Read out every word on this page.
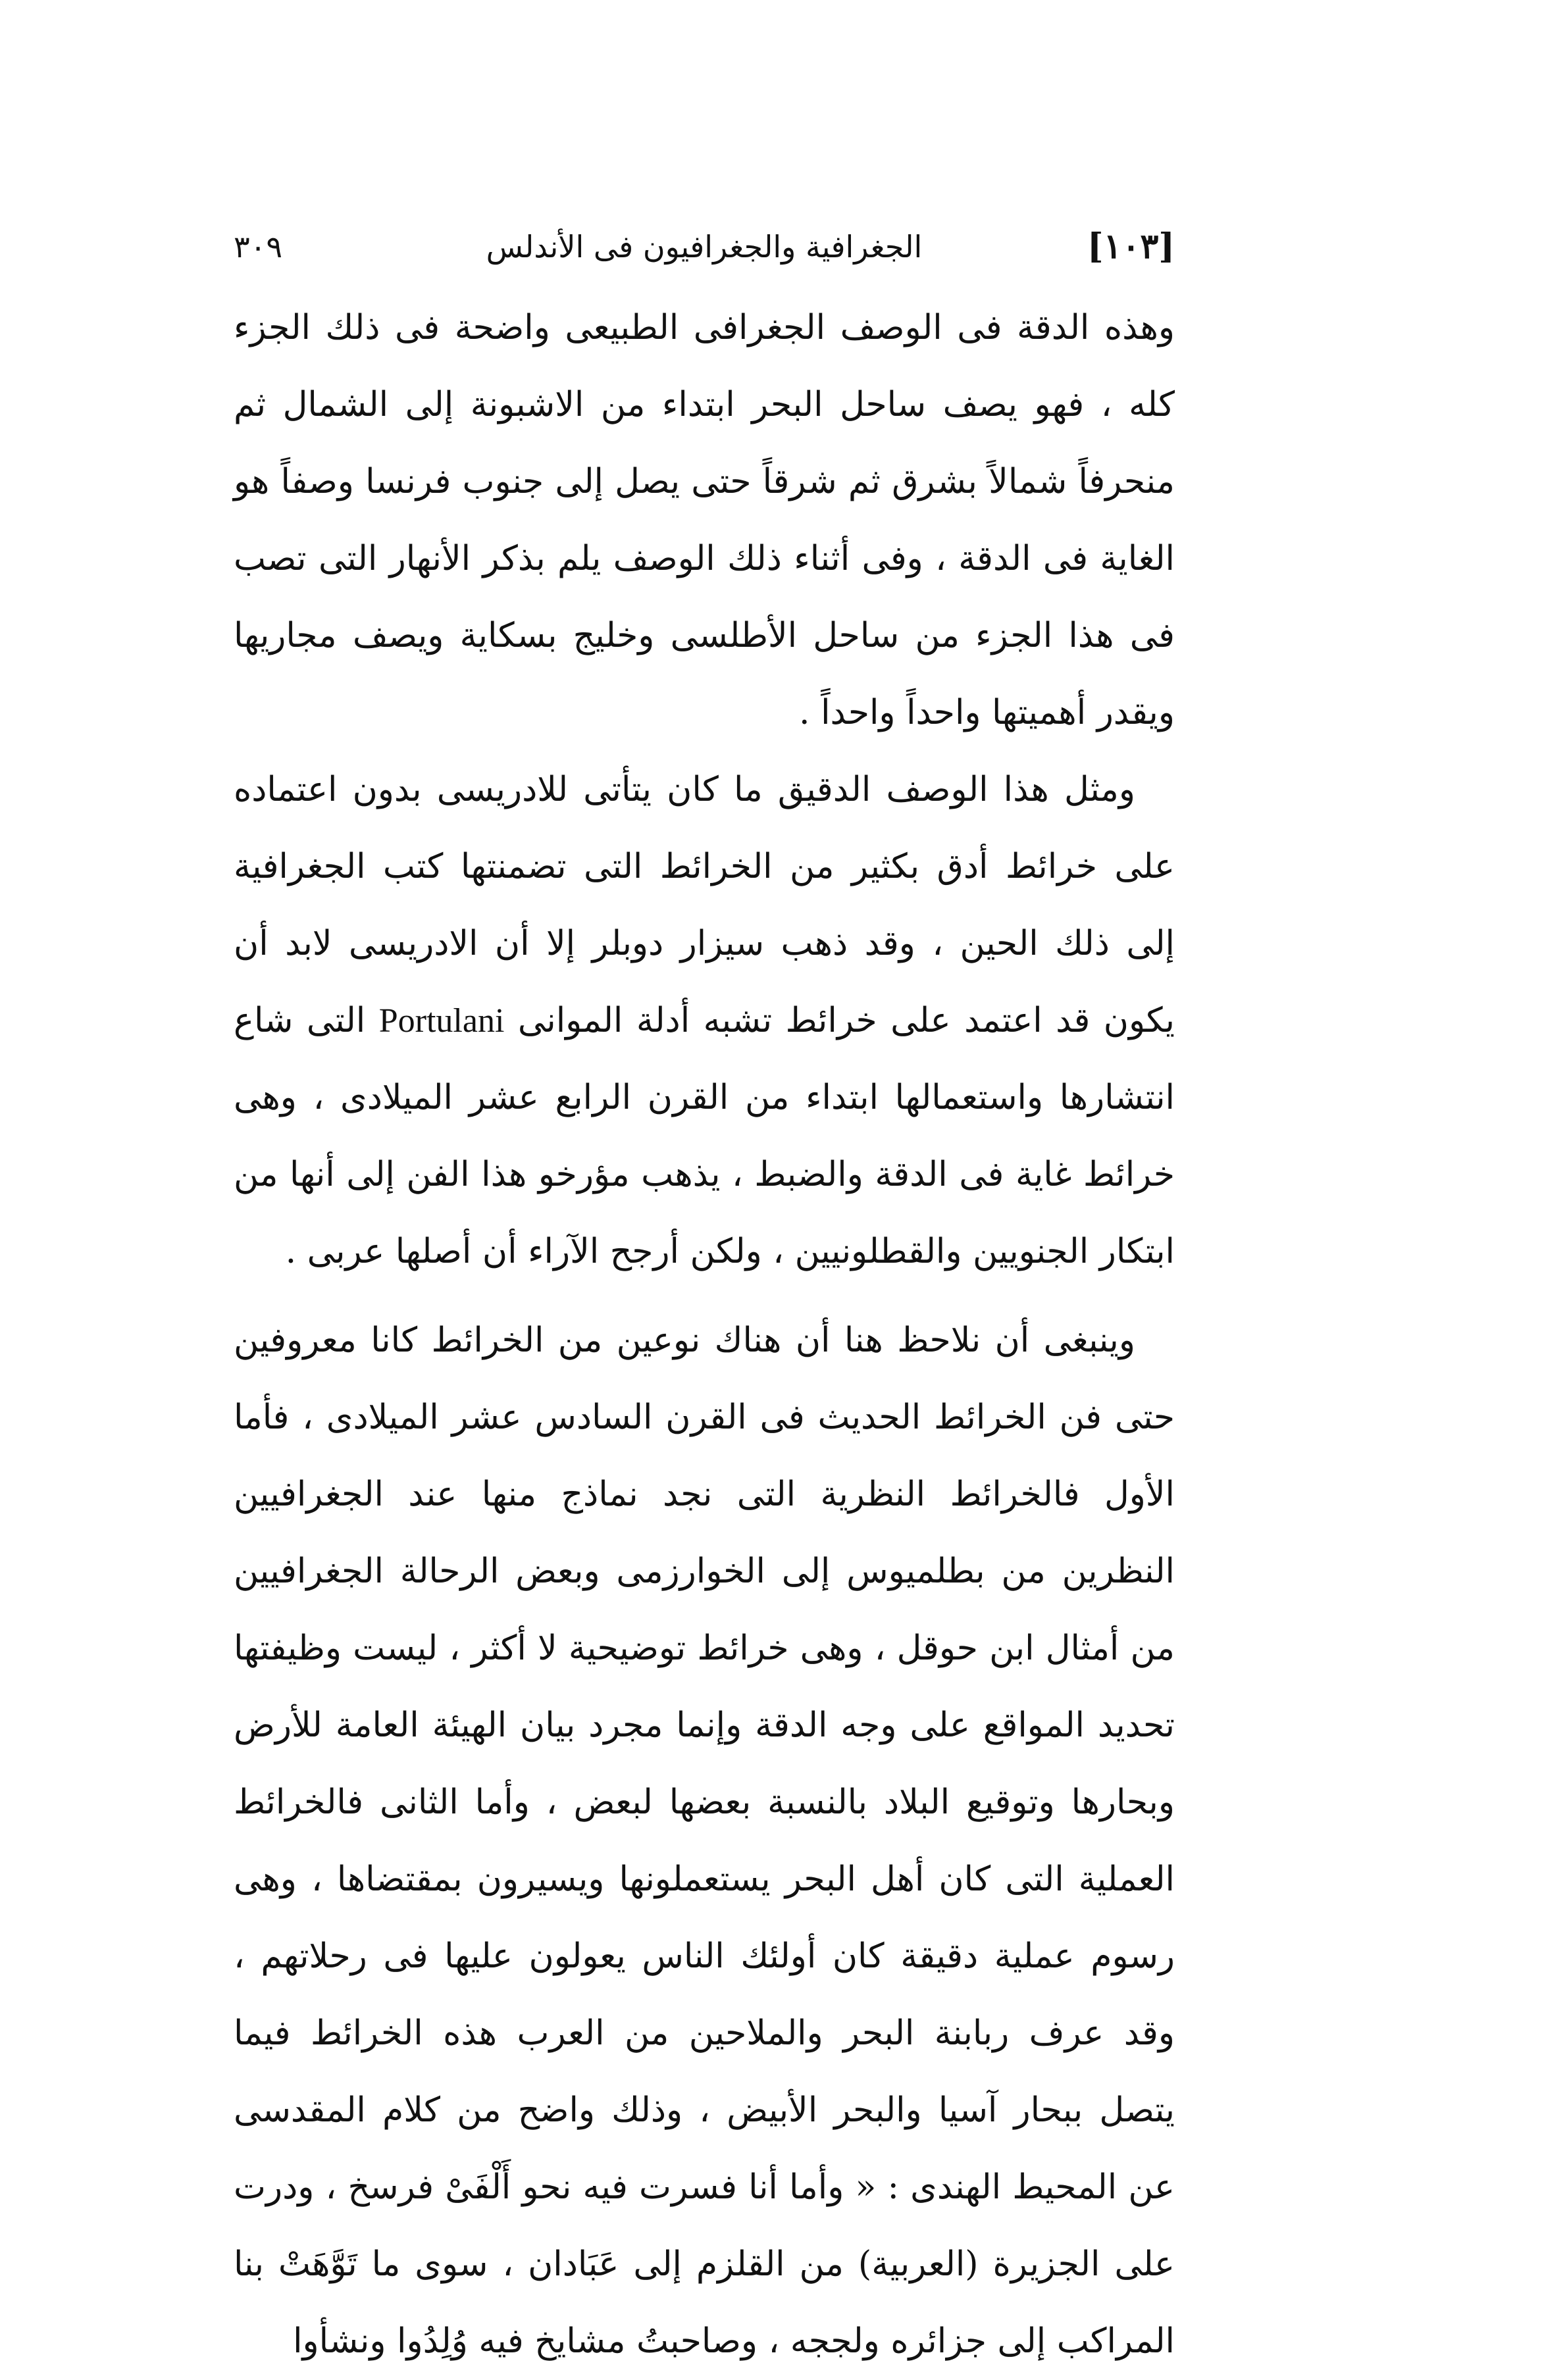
[١٠٣]
الجغرافية والجغرافيون فى الأندلس
٣٠٩

وهذه الدقة فى الوصف الجغرافى الطبيعى واضحة فى ذلك الجزء كله ، فهو يصف ساحل البحر ابتداء من الاشبونة إلى الشمال ثم منحرفاً شمالاً بشرق ثم شرقاً حتى يصل إلى جنوب فرنسا وصفاً هو الغاية فى الدقة ، وفى أثناء ذلك الوصف يلم بذكر الأنهار التى تصب فى هذا الجزء من ساحل الأطلسى وخليج بسكاية ويصف مجاريها ويقدر أهميتها واحداً واحداً .

ومثل هذا الوصف الدقيق ما كان يتأتى للادريسى بدون اعتماده على خرائط أدق بكثير من الخرائط التى تضمنتها كتب الجغرافية إلى ذلك الحين ، وقد ذهب سيزار دوبلر إلا أن الادريسى لابد أن يكون قد اعتمد على خرائط تشبه أدلة الموانى Portulani التى شاع انتشارها واستعمالها ابتداء من القرن الرابع عشر الميلادى ، وهى خرائط غاية فى الدقة والضبط ، يذهب مؤرخو هذا الفن إلى أنها من ابتكار الجنويين والقطلونيين ، ولكن أرجح الآراء أن أصلها عربى .

وينبغى أن نلاحظ هنا أن هناك نوعين من الخرائط كانا معروفين حتى فن الخرائط الحديث فى القرن السادس عشر الميلادى ، فأما الأول فالخرائط النظرية التى نجد نماذج منها عند الجغرافيين النظرين من بطلميوس إلى الخوارزمى وبعض الرحالة الجغرافيين من أمثال ابن حوقل ، وهى خرائط توضيحية لا أكثر ، ليست وظيفتها تحديد المواقع على وجه الدقة وإنما مجرد بيان الهيئة العامة للأرض وبحارها وتوقيع البلاد بالنسبة بعضها لبعض ، وأما الثانى فالخرائط العملية التى كان أهل البحر يستعملونها ويسيرون بمقتضاها ، وهى رسوم عملية دقيقة كان أولئك الناس يعولون عليها فى رحلاتهم ، وقد عرف ربابنة البحر والملاحين من العرب هذه الخرائط فيما يتصل ببحار آسيا والبحر الأبيض ، وذلك واضح من كلام المقدسى عن المحيط الهندى : « وأما أنا فسرت فيه نحو أَلْفَىْ فرسخ ، ودرت على الجزيرة (العربية) من القلزم إلى عَبَادان ، سوى ما تَوَّهَتْ بنا المراكب إلى جزائره ولججه ، وصاحبتُ مشايخ فيه وُلِدُوا ونشأوا
